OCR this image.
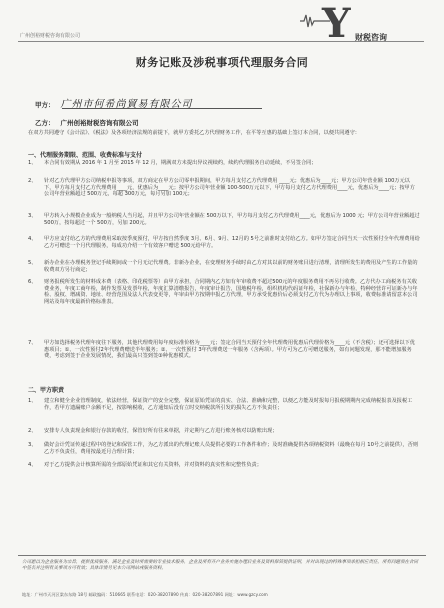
广州创裕财税咨询有限公司	Y 财税咨询
财务记账及涉税事项代理服务合同
甲方： 广州市何希尚貿易有限公司
乙方： 广州创裕财税咨询有限公司
在双方共同遵守《会计法》、《税法》及各项经济法规的前提下，就甲方委托乙方代理财务工作，在平等互惠的基础上签订本合同，以便共同遵守：
一、代理服务期限、范围、收费标准与支付
1、	本合同有效期从 2016 年 1 月至 2015 年 12 月，期满双方未提出异议视续约，续约代理服务自动延续，不另签合同；
2、	针对乙方代理甲方公司纳税申报等事项，双方商定在甲方公司零申报期间，甲方每月支付乙方代理费用 ____元；优惠后为____元；甲方公司年营业额 100万元以下，甲方每月支付乙方代理费用____元，优惠后为____元；按甲方公司年营业额 100-500万元以下，甲方每月支付乙方代理费用____元，优惠后为____元；按甲方公司年营业额超过 500万元，每超 300万元，每月另加 100元；
3、	甲方转入小规模企业成为一般纳税人当月起，并且甲方公司年营业额在 500万以下，甲方每月支付乙方代理费用____元，优惠后为 1000 元；甲方公司年营业额超过 500万，按每超过一个 500万，另加 200元。
4、	甲方应支付给乙方的代理费用采取按季度预付，甲方按自然季度 3月、6月、9月、12月的 5号之前准时支付给乙方。如甲方签定合同当天一次性预付全年代理费用给乙方可赠送一个月代理服务，每成功介绍一个有效客户赠送 500元给甲方。
5、	新办企业在办理税务登记手续期间或一个月无记代理费。非新办企业，在变理财务手续时由乙方对其以前的财务账目进行清理，清理所发生的费用及产生的工作量的收费双方另行商定；
6、	财务报税所发生的材料成本费（表格、印花税票等）由甲方承担，合同期内乙方如有年审收费不超过500元的年度服务费用不再另行收费。乙方代办工商税务有关收费业务，年度工商年检，制作发票及发票年检，年度汇算清缴报告，年度审计报告，国地税年检，组织机构代码证年检，社保新办与年检，特种经营许可证新办与年检、股权、增减资、地址、经营范围及法人代表变更等，年审由甲方按期申报乙方代理，甲方承受优惠价后必须支付乙方代为办理以上事项，收费标准请留意本公司网站及每年度最新价格标准表。
7、	甲方如选择税务代理年度往下服务，其他代理费用每年度标准价格为____元；签定合同当天预付全年代理费用优惠后代理价格为____元（不含税）；还可选择以下优惠项目；①、一次性预付2年代理费赠送半年服务；②、一次性预付 3年代理费送一年服务（含两项）。甲方可为乙方可赠送服务，如有问题发现，那不能增加服务费，考虑到签于企业发展情况，我们最高只签到签③种优惠模式。
二、甲方职责
1、	建立和健全企业管理制度，依法经营，保证资产的安全完整，保证原始凭证的真实、合法、准确和完整，以便乙方能及时报每月报税期期内完成纳税报表及报税工作，若甲方遗漏账户余额不足，按影响税收，乙方通知后没有立时交纳税款所引发的损失乙方不负责任；
2、	安排专人负责现金和银行存款的收付，保管好所有往来单据，并定期与乙方进行账务核对以防账出现；
3、	做好会计凭证传递过程中的登记和保管工作，为乙方派出的代理记账人员提供必要的工作条件和作；及时准确提供各项纳税资料（最晚在每月 10号之前提供），否则乙方不负责任，费用按最近月合理计算；
4、	对于乙方提供会计核算所需的全部原始凭证和其它有关资料，并对资料的真实性和完整性负责；
公司愿以为企业服务为宗旨，提供优质服务，满足企业及时所需要的专业技术服务，企业及所有开户业务实施办理后业务及资料保管提供证明，并对出现过的特殊事项承担相应责任。所有问题须在合同中签名并注明有关事项方可有效；具体详情另见本公司网站或服务资料。
地址：广州市天河区棠东东路 18号 邮政编码：510665 联系电话：020-38207890 传真：020-38207891 网址：www.gzcy.com
